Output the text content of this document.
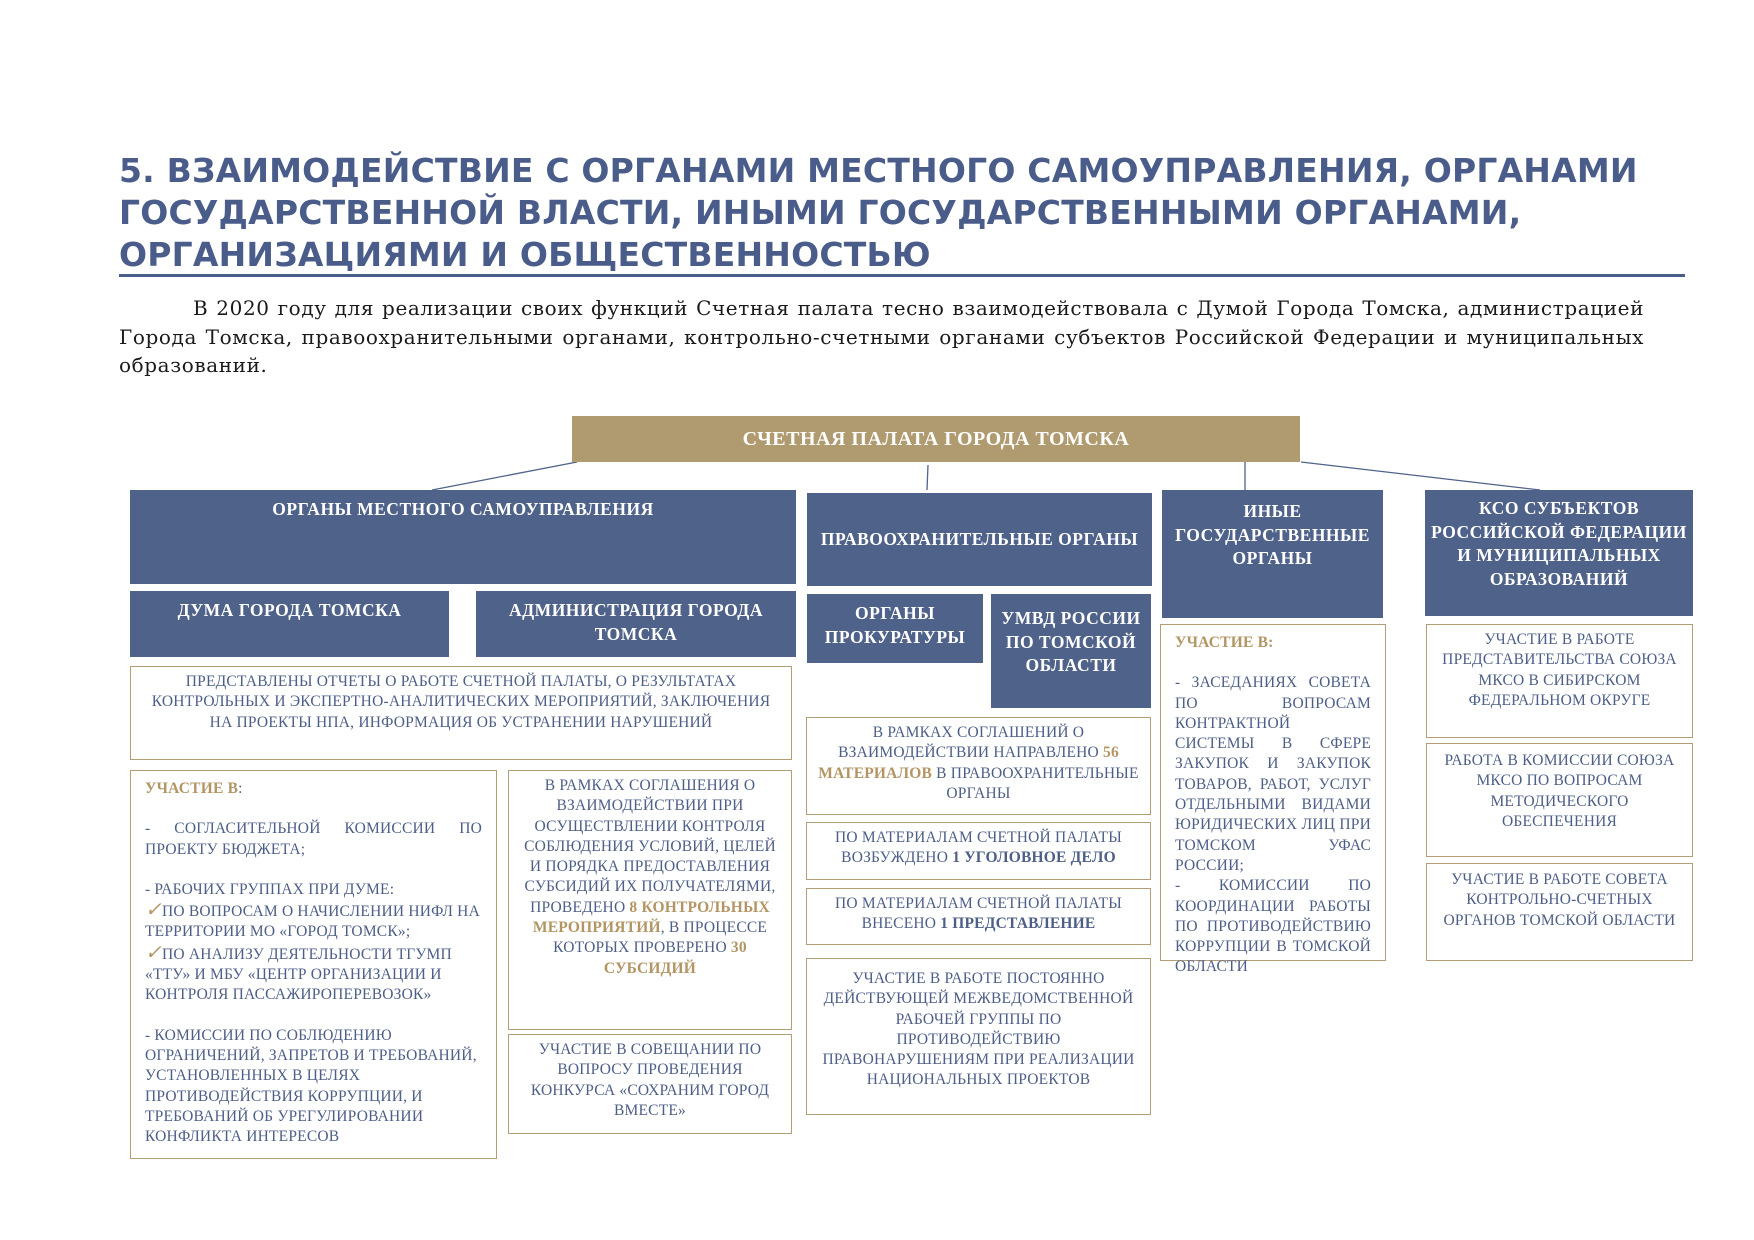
5. ВЗАИМОДЕЙСТВИЕ С ОРГАНАМИ МЕСТНОГО САМОУПРАВЛЕНИЯ, ОРГАНАМИ
ГОСУДАРСТВЕННОЙ ВЛАСТИ, ИНЫМИ ГОСУДАРСТВЕННЫМИ ОРГАНАМИ,
ОРГАНИЗАЦИЯМИ И ОБЩЕСТВЕННОСТЬЮ

В 2020 году для реализации своих функций Счетная палата тесно взаимодействовала с Думой Города Томска, администрацией Города Томска, правоохранительными органами, контрольно-счетными органами субъектов Российской Федерации и муниципальных образований.

СЧЕТНАЯ ПАЛАТА ГОРОДА ТОМСКА
ОРГАНЫ МЕСТНОГО САМОУПРАВЛЕНИЯ
ДУМА ГОРОДА ТОМСКА	АДМИНИСТРАЦИЯ ГОРОДА ТОМСКА
ПРЕДСТАВЛЕНЫ ОТЧЕТЫ О РАБОТЕ СЧЕТНОЙ ПАЛАТЫ, О РЕЗУЛЬТАТАХ КОНТРОЛЬНЫХ И ЭКСПЕРТНО-АНАЛИТИЧЕСКИХ МЕРОПРИЯТИЙ, ЗАКЛЮЧЕНИЯ НА ПРОЕКТЫ НПА, ИНФОРМАЦИЯ ОБ УСТРАНЕНИИ НАРУШЕНИЙ
УЧАСТИЕ В:
- СОГЛАСИТЕЛЬНОЙ КОМИССИИ ПО ПРОЕКТУ БЮДЖЕТА;
- РАБОЧИХ ГРУППАХ ПРИ ДУМЕ:
✓ПО ВОПРОСАМ О НАЧИСЛЕНИИ НИФЛ НА ТЕРРИТОРИИ МО «ГОРОД ТОМСК»;
✓ПО АНАЛИЗУ ДЕЯТЕЛЬНОСТИ ТГУМП «ТТУ» И МБУ «ЦЕНТР ОРГАНИЗАЦИИ И КОНТРОЛЯ ПАССАЖИРОПЕРЕВОЗОК»
- КОМИССИИ ПО СОБЛЮДЕНИЮ ОГРАНИЧЕНИЙ, ЗАПРЕТОВ И ТРЕБОВАНИЙ, УСТАНОВЛЕННЫХ В ЦЕЛЯХ ПРОТИВОДЕЙСТВИЯ КОРРУПЦИИ, И ТРЕБОВАНИЙ ОБ УРЕГУЛИРОВАНИИ КОНФЛИКТА ИНТЕРЕСОВ
В РАМКАХ СОГЛАШЕНИЯ О ВЗАИМОДЕЙСТВИИ ПРИ ОСУЩЕСТВЛЕНИИ КОНТРОЛЯ СОБЛЮДЕНИЯ УСЛОВИЙ, ЦЕЛЕЙ И ПОРЯДКА ПРЕДОСТАВЛЕНИЯ СУБСИДИЙ ИХ ПОЛУЧАТЕЛЯМИ, ПРОВЕДЕНО 8 КОНТРОЛЬНЫХ МЕРОПРИЯТИЙ, В ПРОЦЕССЕ КОТОРЫХ ПРОВЕРЕНО 30 СУБСИДИЙ
УЧАСТИЕ В СОВЕЩАНИИ ПО ВОПРОСУ ПРОВЕДЕНИЯ КОНКУРСА «СОХРАНИМ ГОРОД ВМЕСТЕ»
ПРАВООХРАНИТЕЛЬНЫЕ ОРГАНЫ
ОРГАНЫ ПРОКУРАТУРЫ
УМВД РОССИИ ПО ТОМСКОЙ ОБЛАСТИ
В РАМКАХ СОГЛАШЕНИЙ О ВЗАИМОДЕЙСТВИИ НАПРАВЛЕНО 56 МАТЕРИАЛОВ В ПРАВООХРАНИТЕЛЬНЫЕ ОРГАНЫ
ПО МАТЕРИАЛАМ СЧЕТНОЙ ПАЛАТЫ ВОЗБУЖДЕНО 1 УГОЛОВНОЕ ДЕЛО
ПО МАТЕРИАЛАМ СЧЕТНОЙ ПАЛАТЫ ВНЕСЕНО 1 ПРЕДСТАВЛЕНИЕ
УЧАСТИЕ В РАБОТЕ ПОСТОЯННО ДЕЙСТВУЮЩЕЙ МЕЖВЕДОМСТВЕННОЙ РАБОЧЕЙ ГРУППЫ ПО ПРОТИВОДЕЙСТВИЮ ПРАВОНАРУШЕНИЯМ ПРИ РЕАЛИЗАЦИИ НАЦИОНАЛЬНЫХ ПРОЕКТОВ
ИНЫЕ ГОСУДАРСТВЕННЫЕ ОРГАНЫ
УЧАСТИЕ В:
- ЗАСЕДАНИЯХ СОВЕТА ПО ВОПРОСАМ КОНТРАКТНОЙ СИСТЕМЫ В СФЕРЕ ЗАКУПОК И ЗАКУПОК ТОВАРОВ, РАБОТ, УСЛУГ ОТДЕЛЬНЫМИ ВИДАМИ ЮРИДИЧЕСКИХ ЛИЦ ПРИ ТОМСКОМ УФАС РОССИИ;
- КОМИССИИ ПО КООРДИНАЦИИ РАБОТЫ ПО ПРОТИВОДЕЙСТВИЮ КОРРУПЦИИ В ТОМСКОЙ ОБЛАСТИ
КСО СУБЪЕКТОВ РОССИЙСКОЙ ФЕДЕРАЦИИ И МУНИЦИПАЛЬНЫХ ОБРАЗОВАНИЙ
УЧАСТИЕ В РАБОТЕ ПРЕДСТАВИТЕЛЬСТВА СОЮЗА МКСО В СИБИРСКОМ ФЕДЕРАЛЬНОМ ОКРУГЕ
РАБОТА В КОМИССИИ СОЮЗА МКСО ПО ВОПРОСАМ МЕТОДИЧЕСКОГО ОБЕСПЕЧЕНИЯ
УЧАСТИЕ В РАБОТЕ СОВЕТА КОНТРОЛЬНО-СЧЕТНЫХ ОРГАНОВ ТОМСКОЙ ОБЛАСТИ
